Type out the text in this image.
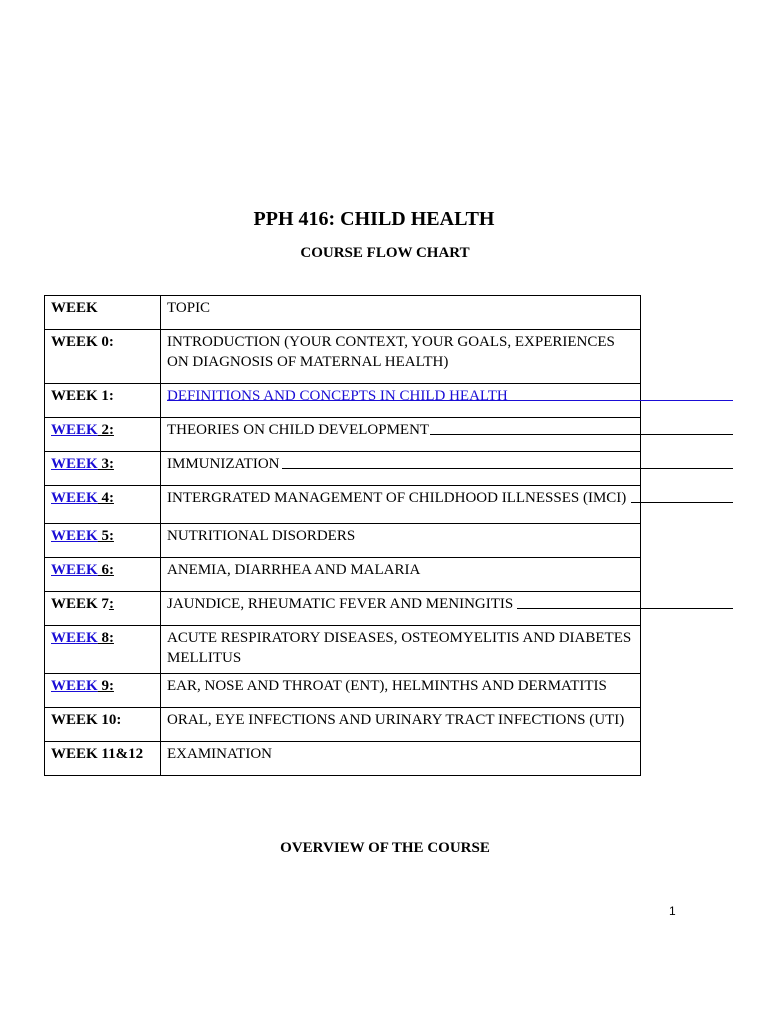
PPH 416: CHILD HEALTH
COURSE FLOW CHART
WEEK	TOPIC
WEEK 0:	INTRODUCTION (YOUR CONTEXT, YOUR GOALS, EXPERIENCES ON DIAGNOSIS OF MATERNAL HEALTH)
WEEK 1:	DEFINITIONS AND CONCEPTS IN CHILD HEALTH

WEEK 2:	THEORIES ON CHILD DEVELOPMENT

WEEK 3:	IMMUNIZATION

WEEK 4:	INTERGRATED MANAGEMENT OF CHILDHOOD ILLNESSES (IMCI)

WEEK 5:	NUTRITIONAL DISORDERS
WEEK 6:	ANEMIA, DIARRHEA AND MALARIA
WEEK 7:	JAUNDICE, RHEUMATIC FEVER AND MENINGITIS

WEEK 8:	ACUTE RESPIRATORY DISEASES, OSTEOMYELITIS AND DIABETES MELLITUS
WEEK 9:	EAR, NOSE AND THROAT (ENT), HELMINTHS AND DERMATITIS
WEEK 10:	ORAL, EYE INFECTIONS AND URINARY TRACT INFECTIONS (UTI)
WEEK 11&12	EXAMINATION
OVERVIEW OF THE COURSE
1
